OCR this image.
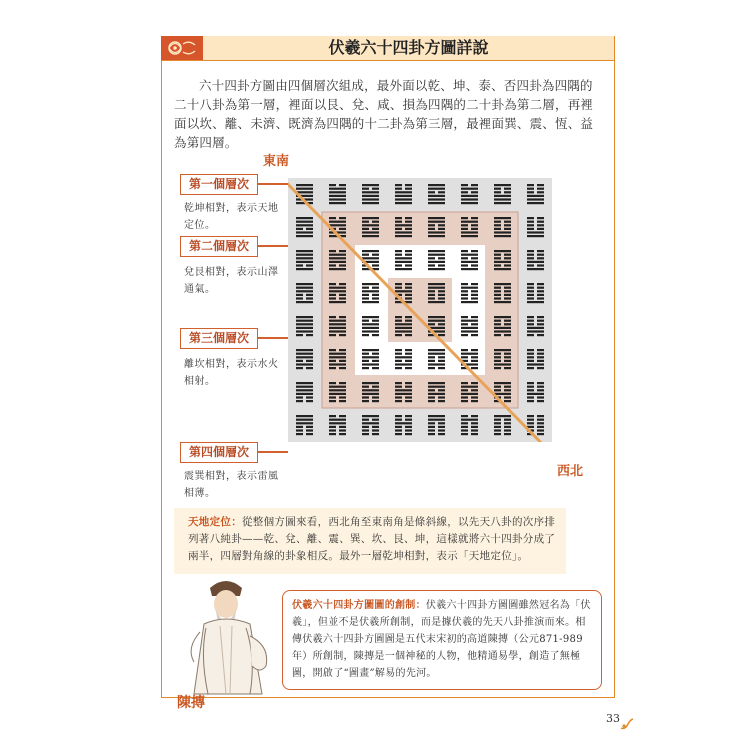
伏羲六十四卦方圖詳說
六十四卦方圖由四個層次組成，最外面以乾、坤、泰、否四卦為四隅的二十八卦為第一層，裡面以艮、兌、咸、損為四隅的二十卦為第二層，再裡面以坎、離、未濟、既濟為四隅的十二卦為第三層，最裡面巽、震、恆、益為第四層。
東南
西北
第一個層次
乾坤相對，表示天地定位。
第二個層次
兌艮相對，表示山澤通氣。
第三個層次
離坎相對，表示水火相射。
第四個層次
震巽相對，表示雷風相薄。
天地定位：從整個方圖來看，西北角至東南角是條斜線，以先天八卦的次序排列著八純卦——乾、兌、離、震、巽、坎、艮、坤，這樣就將六十四卦分成了兩半，四層對角線的卦象相反。最外一層乾坤相對，表示「天地定位」。
陳摶
伏羲六十四卦方圖圖的創制：伏羲六十四卦方圖圖雖然冠名為「伏羲」，但並不是伏羲所創制，而是據伏羲的先天八卦推演而來。相傳伏羲六十四卦方圖圖是五代末宋初的高道陳摶（公元871-989年）所創制，陳摶是一個神秘的人物，他精通易學，創造了無極圖，開啟了“圖畫”解易的先河。
33
